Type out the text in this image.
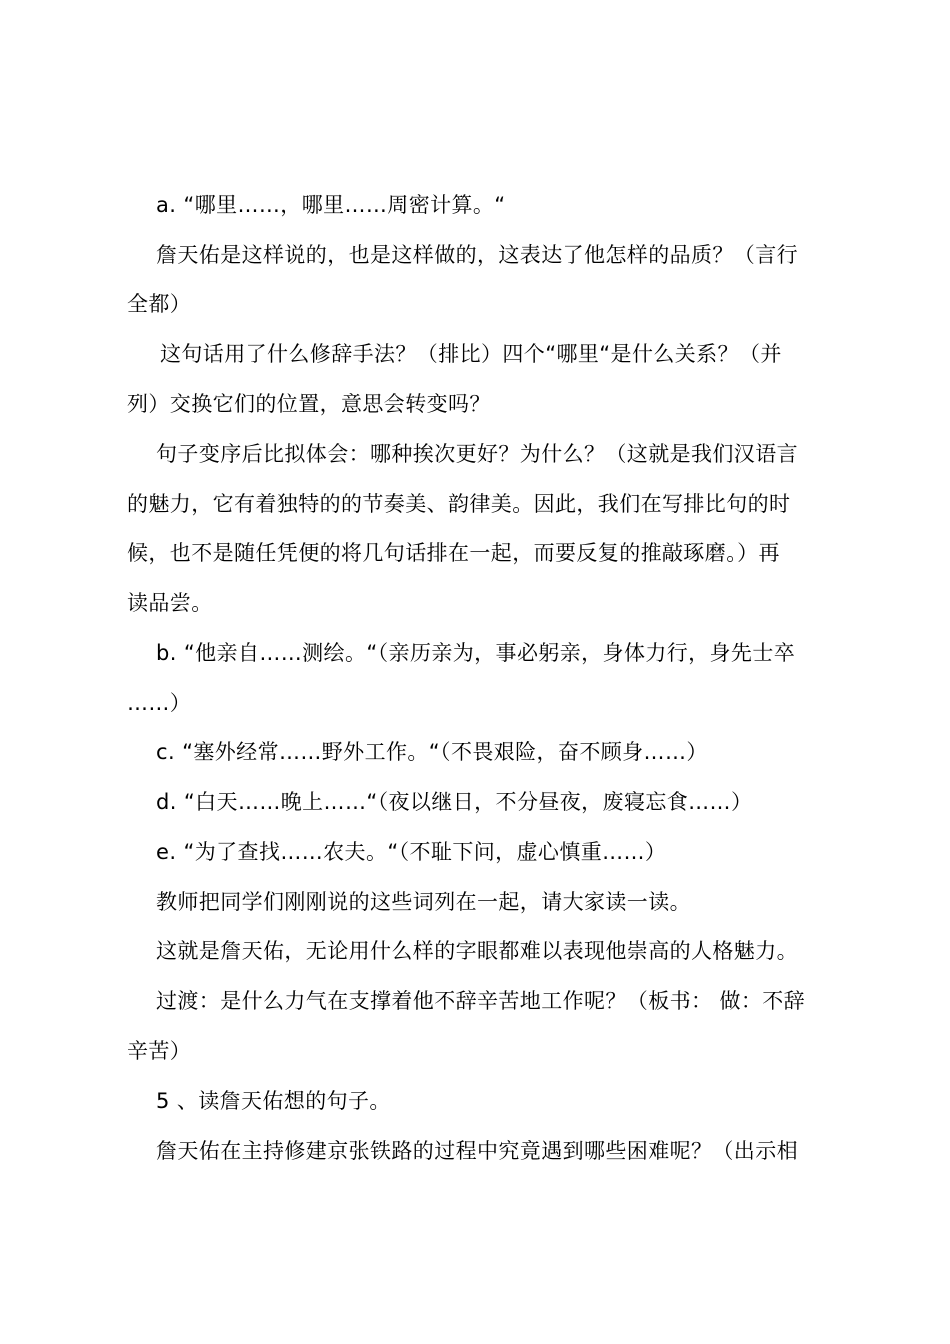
a. “哪里……，哪里……周密计算。“
詹天佑是这样说的，也是这样做的，这表达了他怎样的品质？（言行
全都）
这句话用了什么修辞手法？（排比）四个“哪里“是什么关系？（并
列）交换它们的位置，意思会转变吗？
句子变序后比拟体会：哪种挨次更好？为什么？（这就是我们汉语言
的魅力，它有着独特的的节奏美、韵律美。因此，我们在写排比句的时
候，也不是随任凭便的将几句话排在一起，而要反复的推敲琢磨。）再
读品尝。
b. “他亲自……测绘。“（亲历亲为，事必躬亲，身体力行，身先士卒
……）
c. “塞外经常……野外工作。“（不畏艰险，奋不顾身……）
d. “白天……晚上……“（夜以继日，不分昼夜，废寝忘食……）
e. “为了查找……农夫。“（不耻下问，虚心慎重……）
教师把同学们刚刚说的这些词列在一起，请大家读一读。
这就是詹天佑，无论用什么样的字眼都难以表现他崇高的人格魅力。
过渡：是什么力气在支撑着他不辞辛苦地工作呢？（板书： 做：不辞
辛苦）
5 、读詹天佑想的句子。
詹天佑在主持修建京张铁路的过程中究竟遇到哪些困难呢？（出示相
